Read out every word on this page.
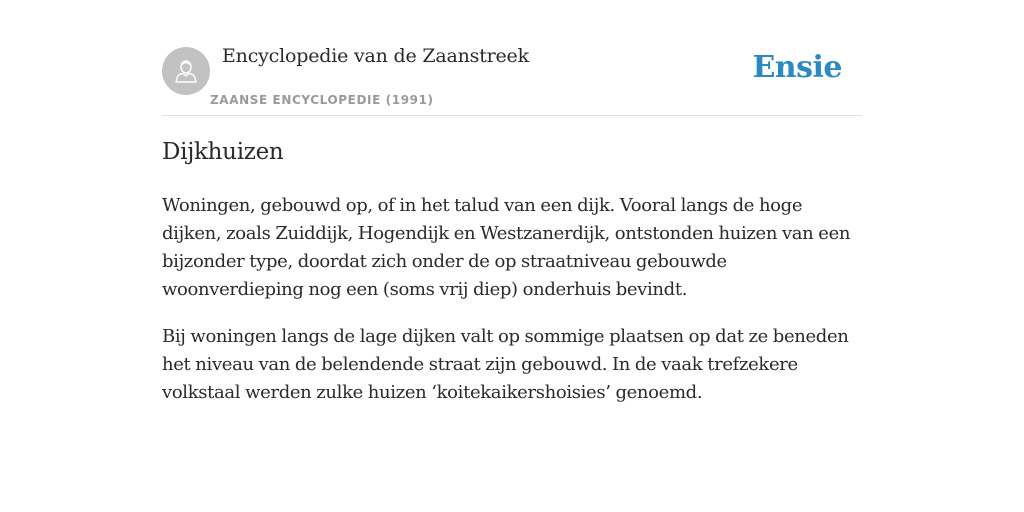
Encyclopedie van de Zaanstreek
ZAANSE ENCYCLOPEDIE (1991)
Ensie
Dijkhuizen

Woningen, gebouwd op, of in het talud van een dijk. Vooral langs de hoge dijken, zoals Zuiddijk, Hogendijk en Westzanerdijk, ontstonden huizen van een bijzonder type, doordat zich onder de op straatniveau gebouwde woonverdieping nog een (soms vrij diep) onderhuis bevindt.

Bij woningen langs de lage dijken valt op sommige plaatsen op dat ze beneden het niveau van de belendende straat zijn gebouwd. In de vaak trefzekere volkstaal werden zulke huizen ‘koitekaikershoisies’ genoemd.
